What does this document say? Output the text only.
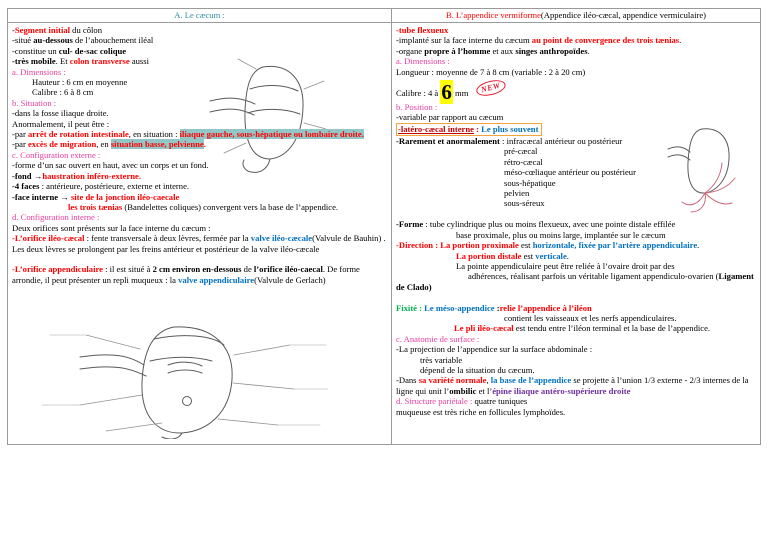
A. Le cæcum :	B. L’appendice vermiforme(Appendice iléo-cæcal, appendice vermiculaire)
-Segment initial du côlon
-situé au-dessous de l’abouchement iléal
-constitue un cul- de-sac colique
-très mobile. Et colon transverse aussi
a. Dimensions :
Hauteur : 6 cm en moyenne
Calibre : 6 à 8 cm
b. Situation :
-dans la fosse iliaque droite.
Anormalement, il peut être :
-par arrêt de rotation intestinale, en situation : iliaque gauche, sous-hépatique ou lombaire droite.
-par excès de migration, en situation basse, pelvienne.
c. Configuration externe :
-forme d’un sac ouvert en haut, avec un corps et un fond.
-fond →haustration inféro-externe.
-4 faces : antérieure, postérieure, externe et interne.
-face interne → site de la jonction iléo-caecale
les trois tænias (Bandelettes coliques) convergent vers la base de l’appendice.
d. Configuration interne :
Deux orifices sont présents sur la face interne du cæcum :
-L’orifice iléo-cæcal : fente transversale à deux lèvres, fermée par la valve iléo-cæcale(Valvule de Bauhin) . Les deux lèvres se prolongent par les freins antérieur et postérieur de la valve iléo-cæcale
-L’orifice appendiculaire : il est situé à 2 cm environ en-dessous de l’orifice iléo-caecal. De forme arrondie, il peut présenter un repli muqueux : la valve appendiculaire(Valvule de Gerlach)
-tube flexueux
-implanté sur la face interne du cæcum au point de convergence des trois tænias.
-organe propre à l’homme et aux singes anthropoïdes.
a. Dimensions :
Longueur : moyenne de 7 à 8 cm (variable : 2 à 20 cm)
Calibre : 4 à 6 mm NEW
b. Position :
-variable par rapport au cæcum
-latéro-cæcal interne : Le plus souvent
-Rarement et anormalement : infracæcal antérieur ou postérieur
pré-cæcal
rétro-cæcal
méso-cœliaque antérieur ou postérieur
sous-hépatique
pelvien
sous-séreux
-Forme : tube cylindrique plus ou moins flexueux, avec une pointe distale effilée
base proximale, plus ou moins large, implantée sur le cæcum
-Direction : La portion proximale est horizontale, fixée par l’artère appendiculaire.
La portion distale est verticale.
La pointe appendiculaire peut être reliée à l’ovaire droit par des
adhérences, réalisant parfois un véritable ligament appendiculo-ovarien (Ligament
de Clado)
Fixité : Le méso-appendice :relie l’appendice à l’iléon
contient les vaisseaux et les nerfs appendiculaires.
Le pli iléo-cæcal est tendu entre l’iléon terminal et la base de l’appendice.
c. Anatomie de surface :
-La projection de l’appendice sur la surface abdominale :
très variable
dépend de la situation du cæcum.
-Dans sa variété normale, la base de l’appendice se projette à l’union 1/3 externe - 2/3 internes de la ligne qui unit l’ombilic et l’épine iliaque antéro-supérieure droite
d. Structure pariétale : quatre tuniques
muqueuse est très riche en follicules lymphoïdes.
